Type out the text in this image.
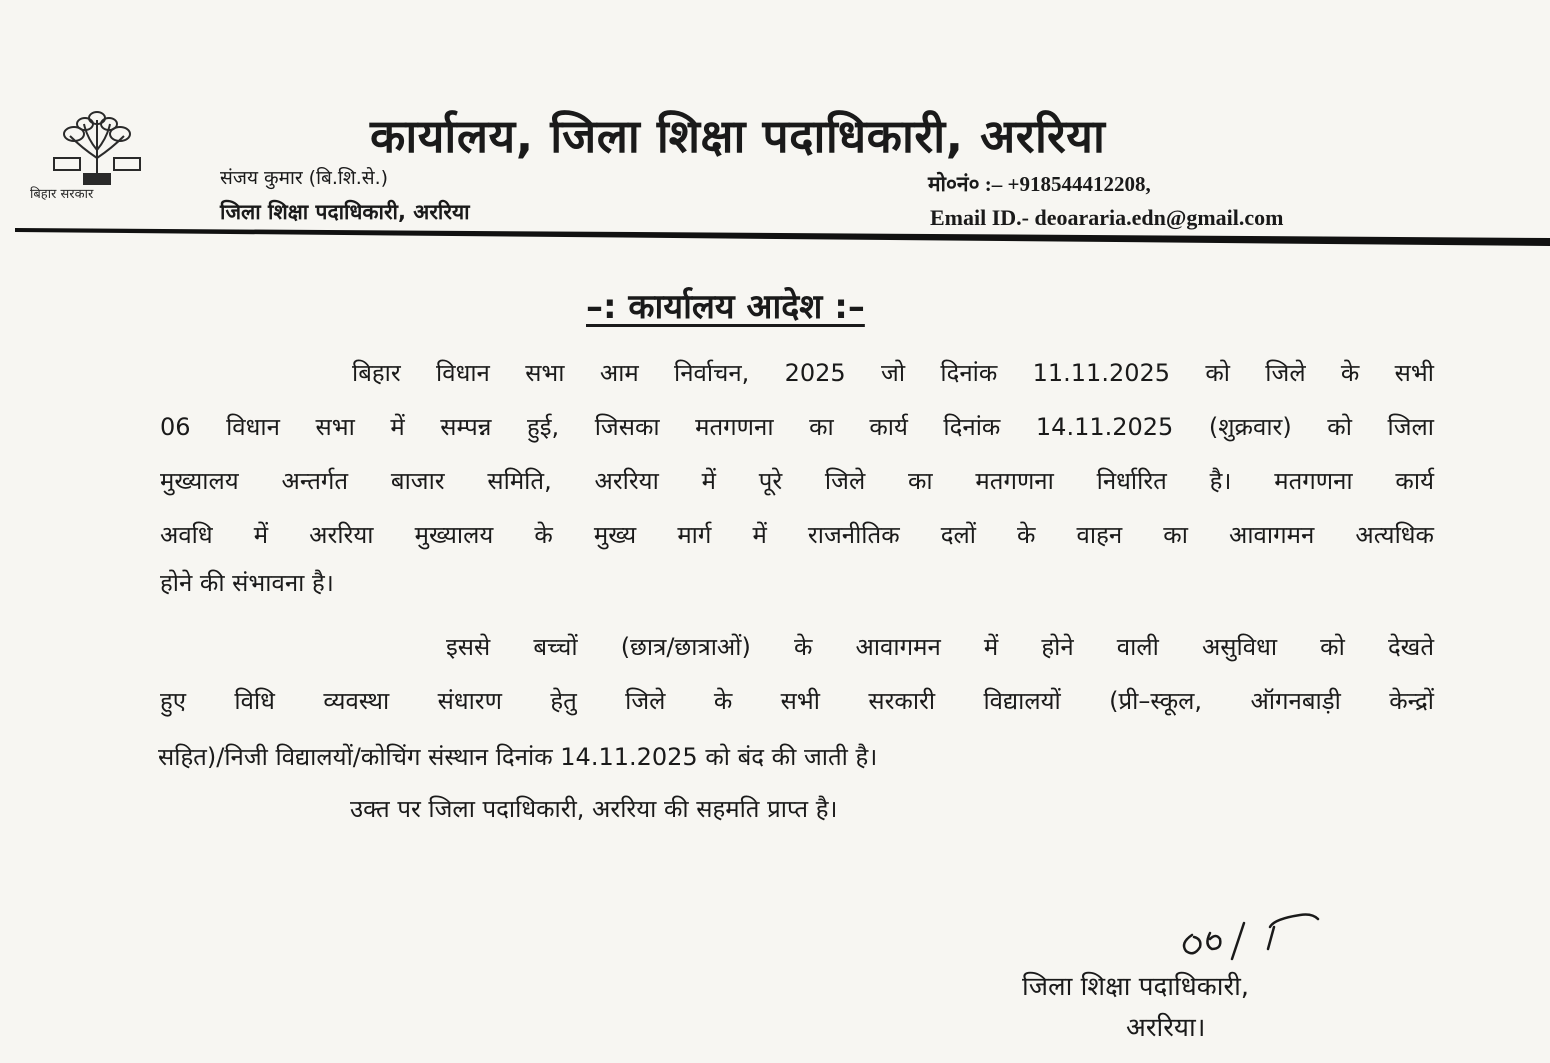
बिहार सरकार
कार्यालय, जिला शिक्षा पदाधिकारी, अररिया
संजय कुमार (बि.शि.से.)
जिला शिक्षा पदाधिकारी, अररिया
मो०नं० :– +918544412208,
Email ID.- deoararia.edn@gmail.com
–: कार्यालय आदेश :–
बिहार विधान सभा आम निर्वाचन, 2025 जो दिनांक 11.11.2025 को जिले के सभी
06 विधान सभा में सम्पन्न हुई, जिसका मतगणना का कार्य दिनांक 14.11.2025 (शुक्रवार) को जिला
मुख्यालय अन्तर्गत बाजार समिति, अररिया में पूरे जिले का मतगणना निर्धारित है। मतगणना कार्य
अवधि में अररिया मुख्यालय के मुख्य मार्ग में राजनीतिक दलों के वाहन का आवागमन अत्यधिक
होने की संभावना है।
इससे बच्चों (छात्र/छात्राओं) के आवागमन में होने वाली असुविधा को देखते
हुए विधि व्यवस्था संधारण हेतु जिले के सभी सरकारी विद्यालयों (प्री–स्कूल, ऑगनबाड़ी केन्द्रों
सहित)/निजी विद्यालयों/कोचिंग संस्थान दिनांक 14.11.2025 को बंद की जाती है।
उक्त पर जिला पदाधिकारी, अररिया की सहमति प्राप्त है।
जिला शिक्षा पदाधिकारी,
अररिया।
